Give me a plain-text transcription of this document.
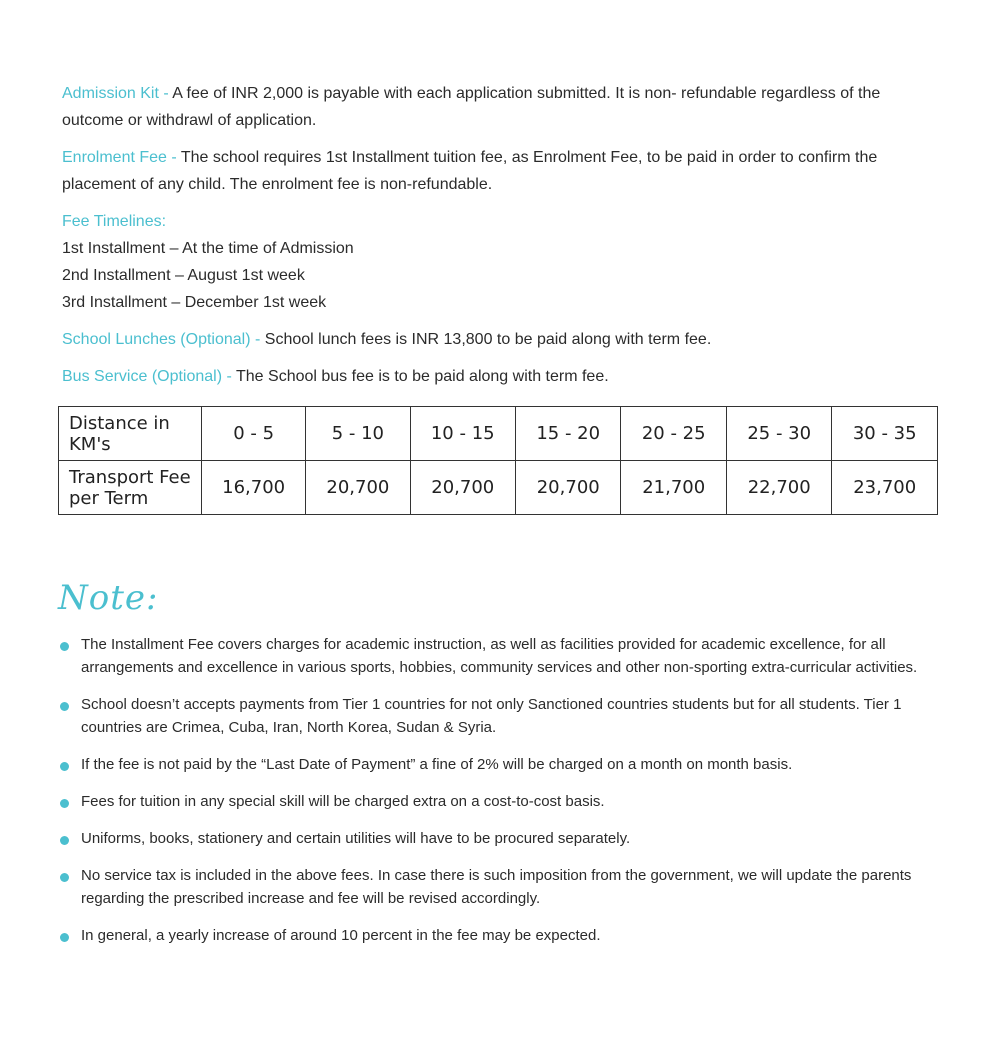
Admission Kit - A fee of INR 2,000 is payable with each application submitted. It is non- refundable regardless of the outcome or withdrawl of application.

Enrolment Fee - The school requires 1st Installment tuition fee, as Enrolment Fee, to be paid in order to confirm the placement of any child. The enrolment fee is non-refundable.

Fee Timelines:
1st Installment – At the time of Admission
2nd Installment – August 1st week
3rd Installment – December 1st week

School Lunches (Optional) - School lunch fees is INR 13,800 to be paid along with term fee.

Bus Service (Optional) - The School bus fee is to be paid along with term fee.

Distance in KM's	0 - 5	5 - 10	10 - 15	15 - 20	20 - 25	25 - 30	30 - 35
Transport Fee per Term	16,700	20,700	20,700	20,700	21,700	22,700	23,700
Note:
The Installment Fee covers charges for academic instruction, as well as facilities provided for academic excellence, for all arrangements and excellence in various sports, hobbies, community services and other non-sporting extra-curricular activities.
School doesn’t accepts payments from Tier 1 countries for not only Sanctioned countries students but for all students. Tier 1 countries are Crimea, Cuba, Iran, North Korea, Sudan & Syria.
If the fee is not paid by the “Last Date of Payment” a fine of 2% will be charged on a month on month basis.
Fees for tuition in any special skill will be charged extra on a cost-to-cost basis.
Uniforms, books, stationery and certain utilities will have to be procured separately.
No service tax is included in the above fees. In case there is such imposition from the government, we will update the parents regarding the prescribed increase and fee will be revised accordingly.
In general, a yearly increase of around 10 percent in the fee may be expected.
